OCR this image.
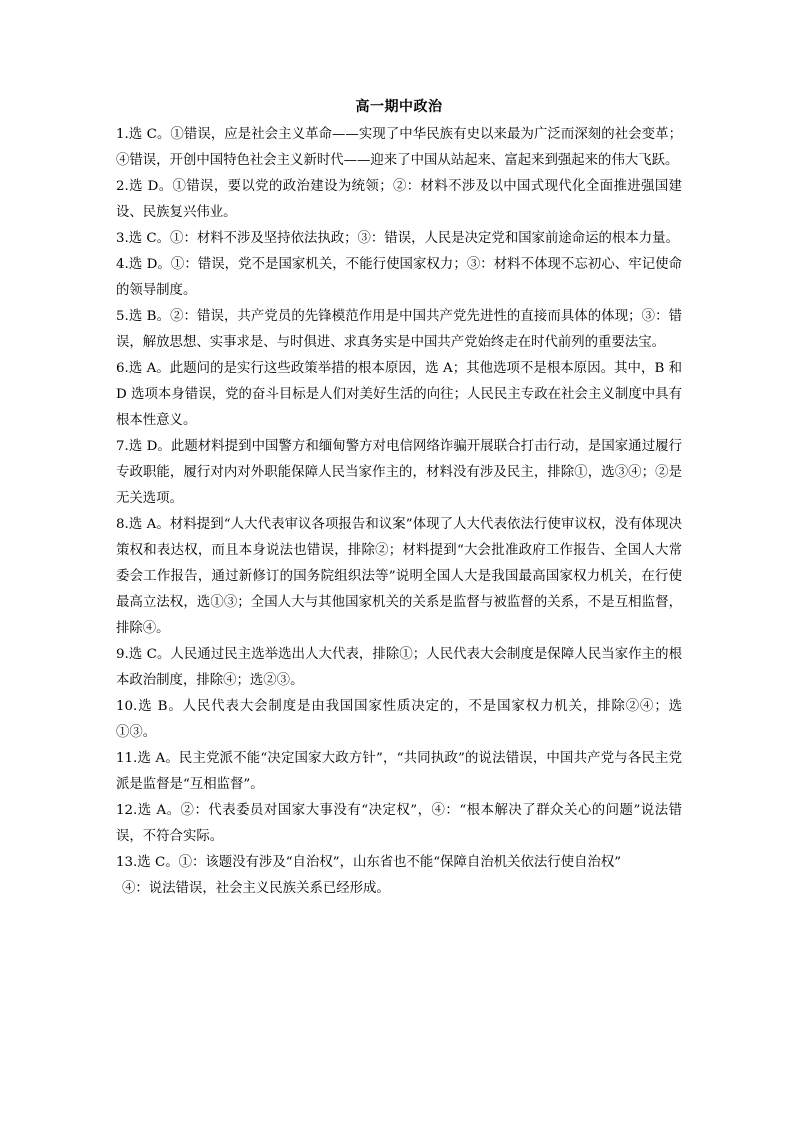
高一期中政治

1.选 C。①错误，应是社会主义革命——实现了中华民族有史以来最为广泛而深刻的社会变革；④错误，开创中国特色社会主义新时代——迎来了中国从站起来、富起来到强起来的伟大飞跃。

2.选 D。①错误，要以党的政治建设为统领；②：材料不涉及以中国式现代化全面推进强国建设、民族复兴伟业。

3.选 C。①：材料不涉及坚持依法执政；③：错误，人民是决定党和国家前途命运的根本力量。

4.选 D。①：错误，党不是国家机关，不能行使国家权力；③：材料不体现不忘初心、牢记使命的领导制度。

5.选 B。②：错误，共产党员的先锋模范作用是中国共产党先进性的直接而具体的体现；③：错误，解放思想、实事求是、与时俱进、求真务实是中国共产党始终走在时代前列的重要法宝。

6.选 A。此题问的是实行这些政策举措的根本原因，选 A；其他选项不是根本原因。其中，B 和 D 选项本身错误，党的奋斗目标是人们对美好生活的向往；人民民主专政在社会主义制度中具有根本性意义。

7.选 D。此题材料提到中国警方和缅甸警方对电信网络诈骗开展联合打击行动，是国家通过履行专政职能，履行对内对外职能保障人民当家作主的，材料没有涉及民主，排除①，选③④；②是无关选项。

8.选 A。材料提到“人大代表审议各项报告和议案”体现了人大代表依法行使审议权，没有体现决策权和表达权，而且本身说法也错误，排除②；材料提到“大会批准政府工作报告、全国人大常委会工作报告，通过新修订的国务院组织法等”说明全国人大是我国最高国家权力机关，在行使最高立法权，选①③；全国人大与其他国家机关的关系是监督与被监督的关系，不是互相监督，排除④。

9.选 C。人民通过民主选举选出人大代表，排除①；人民代表大会制度是保障人民当家作主的根本政治制度，排除④；选②③。

10.选 B。人民代表大会制度是由我国国家性质决定的，不是国家权力机关，排除②④；选①③。

11.选 A。民主党派不能“决定国家大政方针”，“共同执政”的说法错误，中国共产党与各民主党派是监督是“互相监督”。

12.选 A。②：代表委员对国家大事没有“决定权”，④：“根本解决了群众关心的问题”说法错误，不符合实际。

13.选 C。①：该题没有涉及“自治权”，山东省也不能“保障自治机关依法行使自治权”

④：说法错误，社会主义民族关系已经形成。
